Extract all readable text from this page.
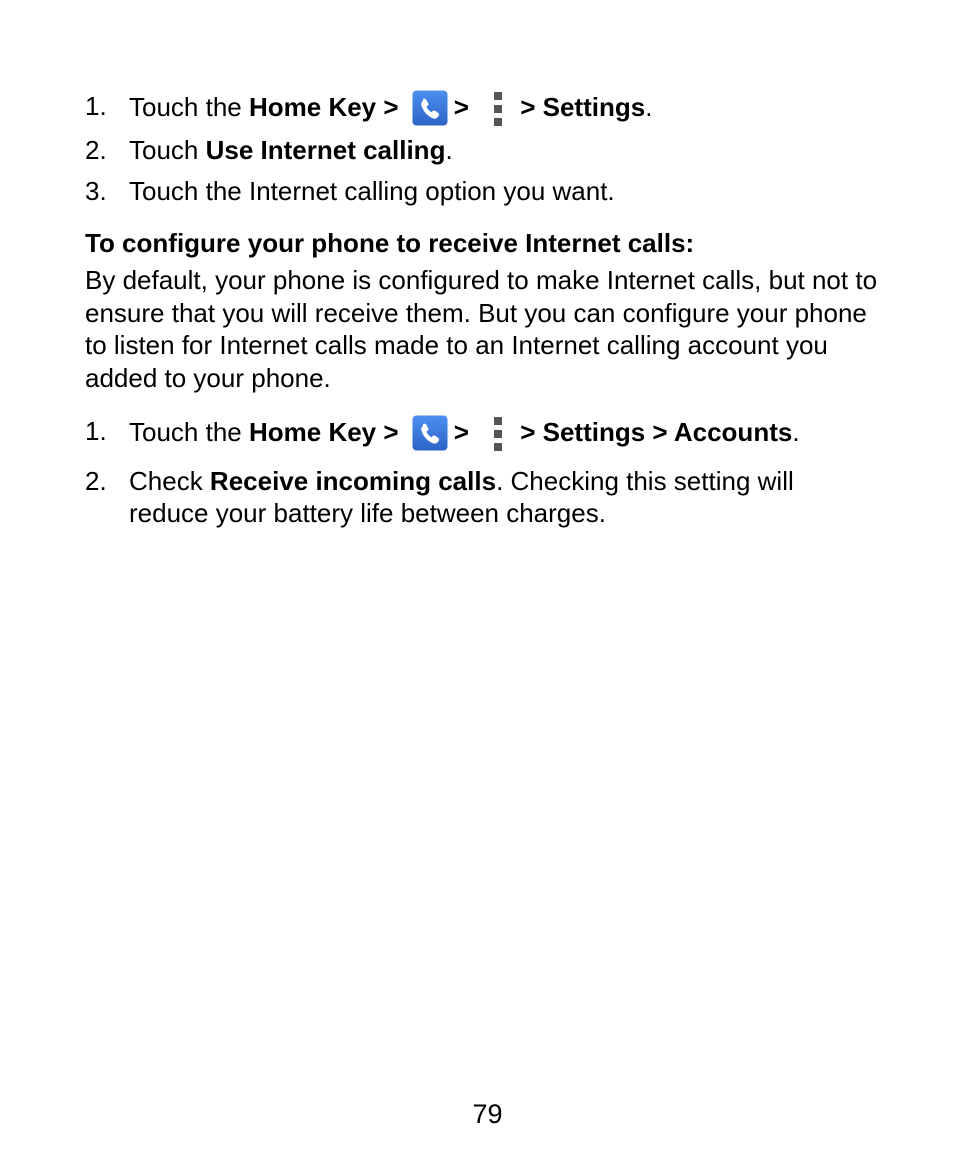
1. Touch the Home Key > > > Settings.
2. Touch Use Internet calling.
3. Touch the Internet calling option you want.

To configure your phone to receive Internet calls:

By default, your phone is configured to make Internet calls, but not to ensure that you will receive them. But you can configure your phone to listen for Internet calls made to an Internet calling account you added to your phone.

1. Touch the Home Key > > > Settings > Accounts.
2. Check Receive incoming calls. Checking this setting will reduce your battery life between charges.
79
